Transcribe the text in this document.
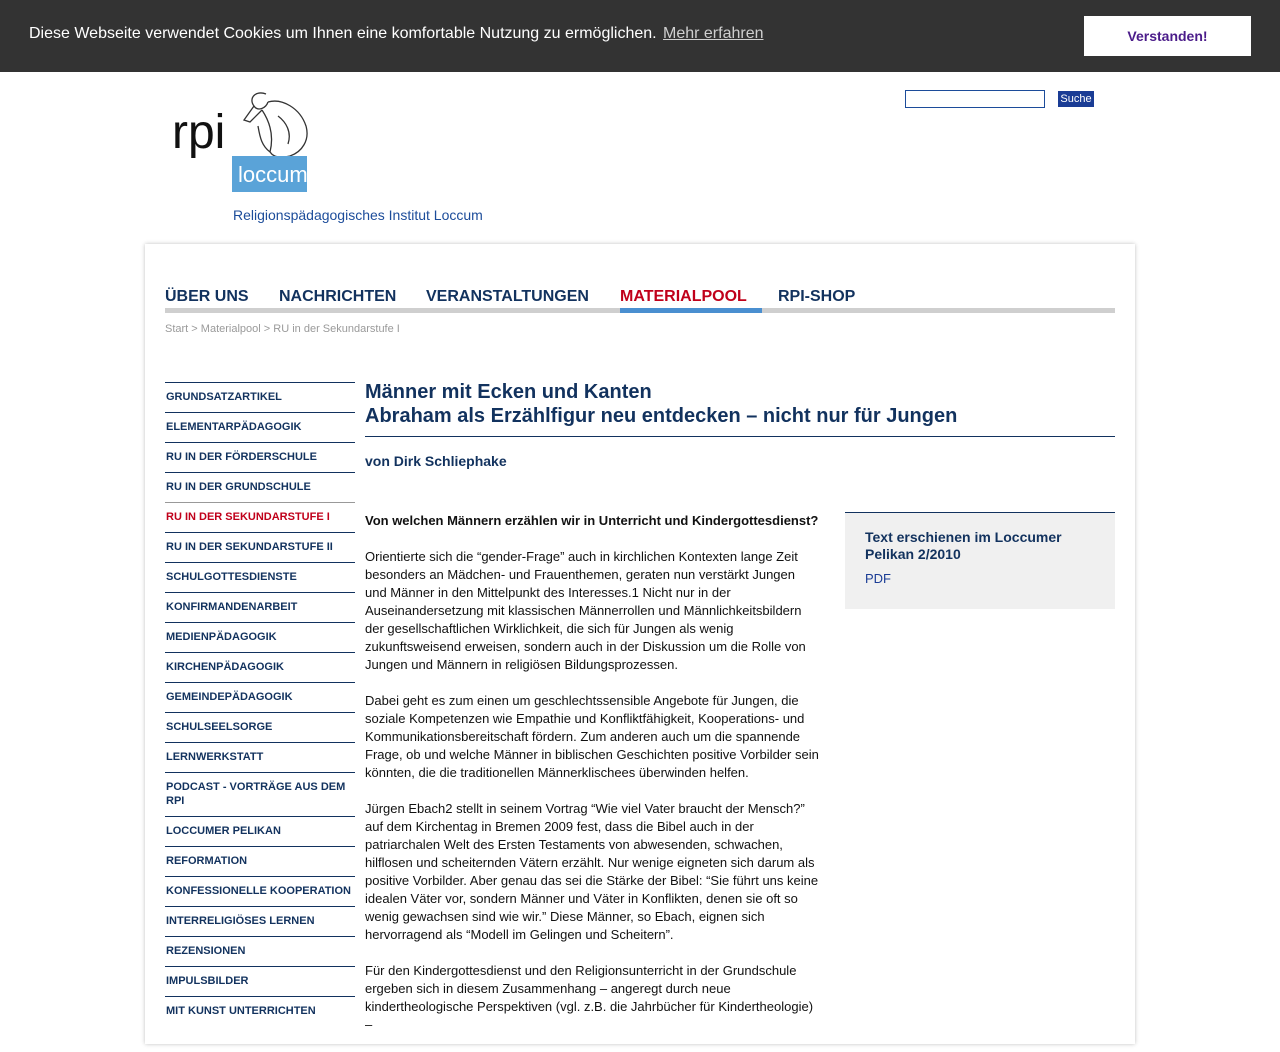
Diese Webseite verwendet Cookies um Ihnen eine komfortable Nutzung zu ermöglichen. Mehr erfahren	Verstanden!
rpi
loccum
Religionspädagogisches Institut Loccum
Suche
ÜBER UNS NACHRICHTEN VERANSTALTUNGEN MATERIALPOOL RPI-SHOP
Start > Materialpool > RU in der Sekundarstufe I
GRUNDSATZARTIKEL
ELEMENTARPÄDAGOGIK
RU IN DER FÖRDERSCHULE
RU IN DER GRUNDSCHULE
RU IN DER SEKUNDARSTUFE I
RU IN DER SEKUNDARSTUFE II
SCHULGOTTESDIENSTE
KONFIRMANDENARBEIT
MEDIENPÄDAGOGIK
KIRCHENPÄDAGOGIK
GEMEINDEPÄDAGOGIK
SCHULSEELSORGE
LERNWERKSTATT
PODCAST - VORTRÄGE AUS DEM RPI
LOCCUMER PELIKAN
REFORMATION
KONFESSIONELLE KOOPERATION
INTERRELIGIÖSES LERNEN
REZENSIONEN
IMPULSBILDER
MIT KUNST UNTERRICHTEN
Männer mit Ecken und Kanten
Abraham als Erzählfigur neu entdecken – nicht nur für Jungen
von Dirk Schliephake

Von welchen Männern erzählen wir in Unterricht und Kindergottesdienst?

Orientierte sich die “gender-Frage” auch in kirchlichen Kontexten lange Zeit besonders an Mädchen- und Frauenthemen, geraten nun verstärkt Jungen und Männer in den Mittelpunkt des Interesses.1 Nicht nur in der Auseinandersetzung mit klassischen Männerrollen und Männlichkeitsbildern der gesellschaftlichen Wirklichkeit, die sich für Jungen als wenig zukunftsweisend erweisen, sondern auch in der Diskussion um die Rolle von Jungen und Männern in religiösen Bildungsprozessen.

Dabei geht es zum einen um geschlechtssensible Angebote für Jungen, die soziale Kompetenzen wie Empathie und Konfliktfähigkeit, Kooperations- und Kommunikationsbereitschaft fördern. Zum anderen auch um die spannende Frage, ob und welche Männer in biblischen Geschichten positive Vorbilder sein könnten, die die traditionellen Männerklischees überwinden helfen.

Jürgen Ebach2 stellt in seinem Vortrag “Wie viel Vater braucht der Mensch?” auf dem Kirchentag in Bremen 2009 fest, dass die Bibel auch in der patriarchalen Welt des Ersten Testaments von abwesenden, schwachen, hilflosen und scheiternden Vätern erzählt. Nur wenige eigneten sich darum als positive Vorbilder. Aber genau das sei die Stärke der Bibel: “Sie führt uns keine idealen Väter vor, sondern Männer und Väter in Konflikten, denen sie oft so wenig gewachsen sind wie wir.” Diese Männer, so Ebach, eignen sich hervorragend als “Modell im Gelingen und Scheitern”.

Für den Kindergottesdienst und den Religionsunterricht in der Grundschule ergeben sich in diesem Zusammenhang – angeregt durch neue kindertheologische Perspektiven (vgl. z.B. die Jahrbücher für Kindertheologie) –

Text erschienen im Loccumer Pelikan 2/2010
PDF
